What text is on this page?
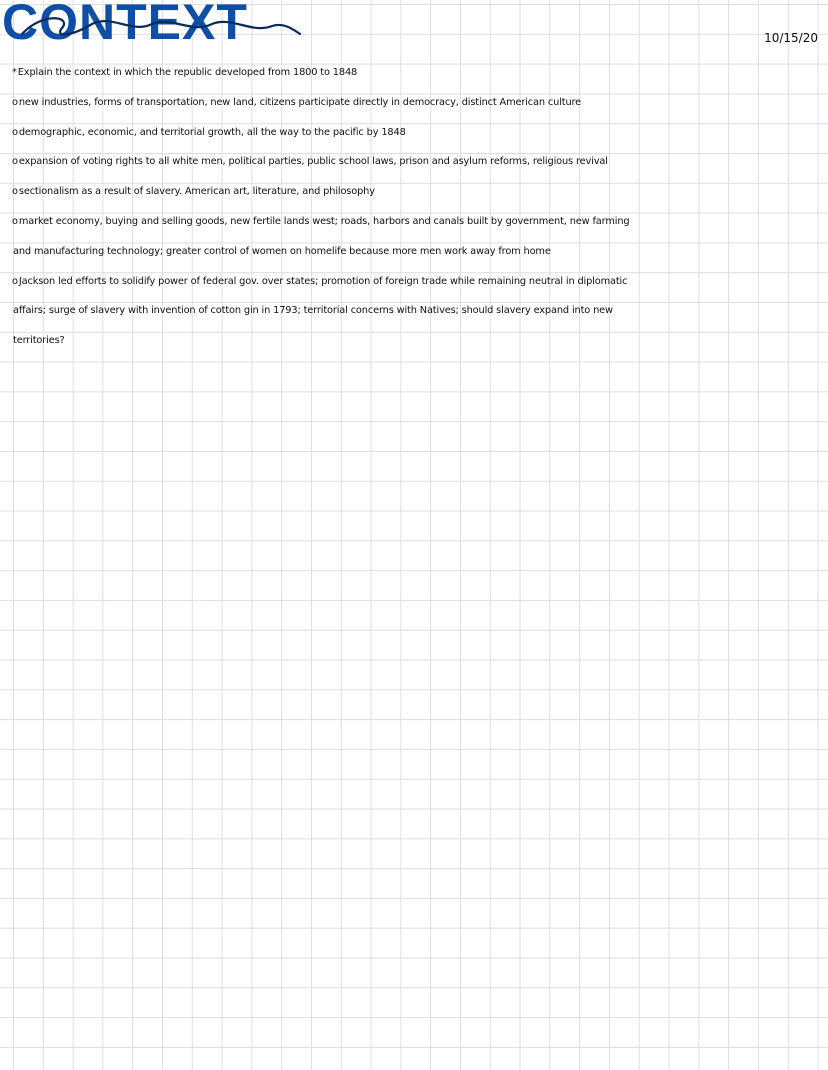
CONTEXT	10/15/20
*Explain the context in which the republic developed from 1800 to 1848
onew industries, forms of transportation, new land, citizens participate directly in democracy, distinct American culture
odemographic, economic, and territorial growth, all the way to the pacific by 1848
oexpansion of voting rights to all white men, political parties, public school laws, prison and asylum reforms, religious revival
osectionalism as a result of slavery. American art, literature, and philosophy
omarket economy, buying and selling goods, new fertile lands west; roads, harbors and canals built by government, new farming
and manufacturing technology; greater control of women on homelife because more men work away from home
oJackson led efforts to solidify power of federal gov. over states; promotion of foreign trade while remaining neutral in diplomatic
affairs; surge of slavery with invention of cotton gin in 1793; territorial concerns with Natives; should slavery expand into new
territories?
